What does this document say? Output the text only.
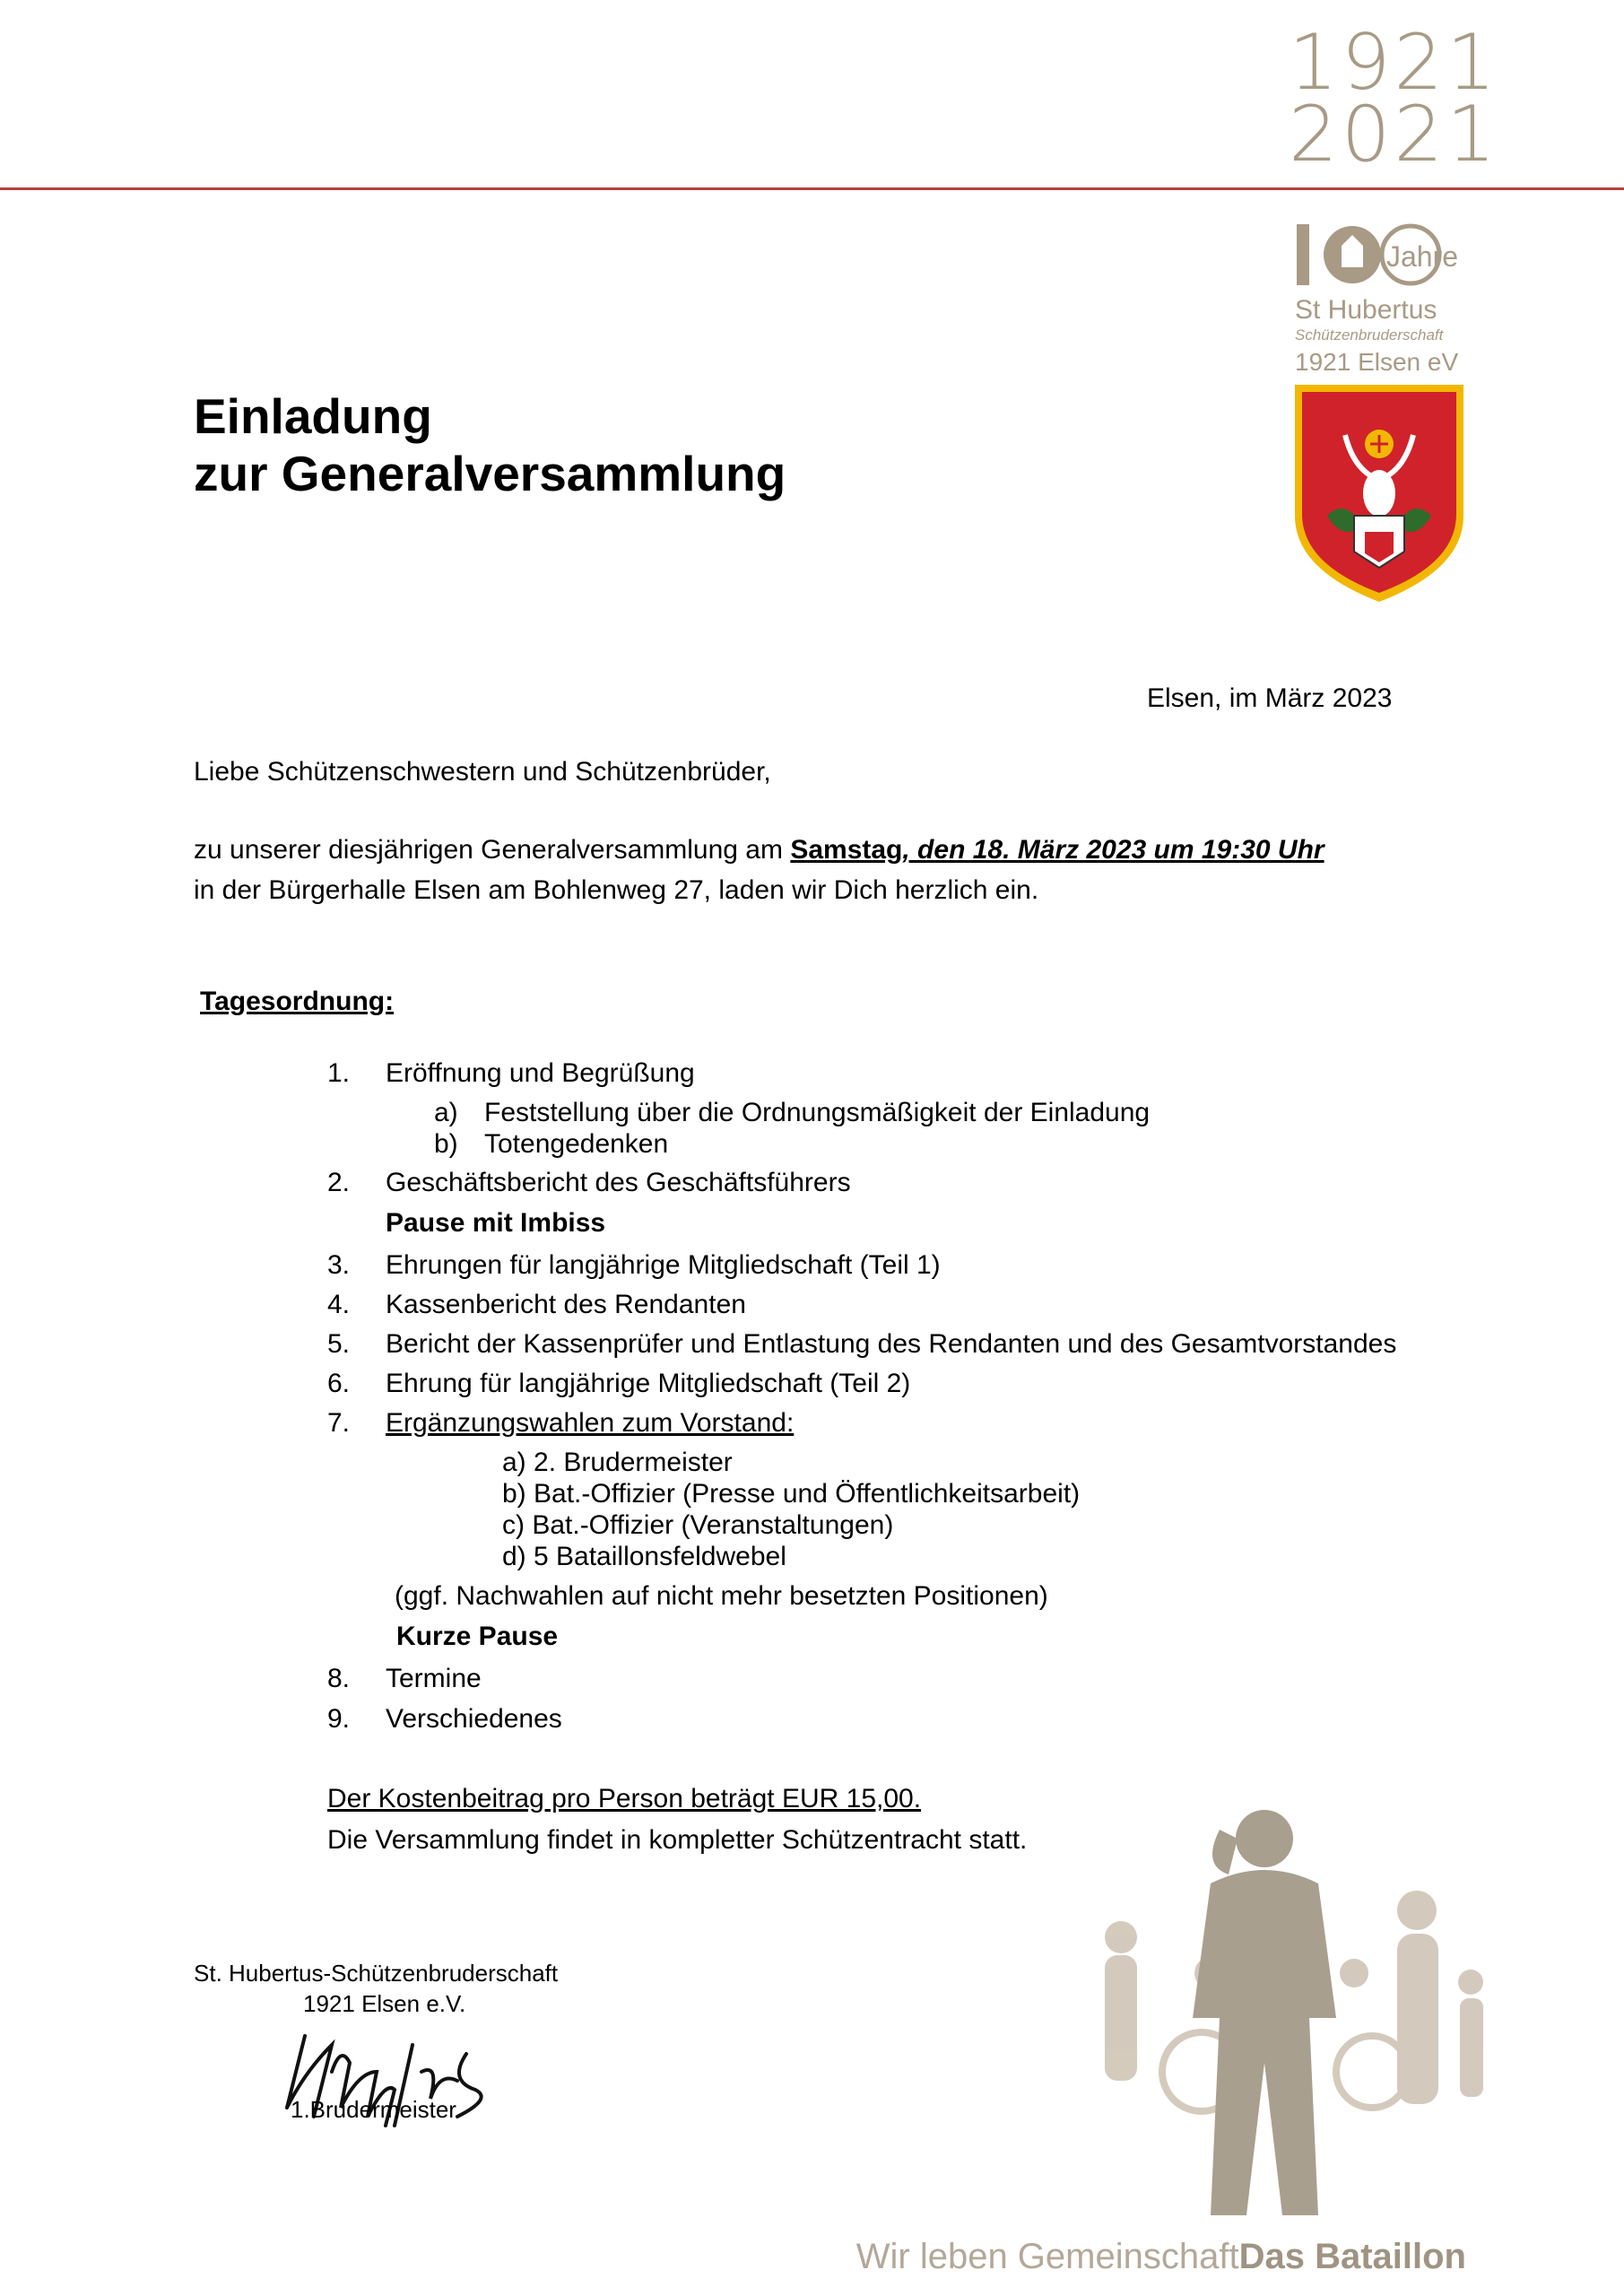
1921
2021
Jahre
St Hubertus
Schützenbruderschaft
1921 Elsen eV
Einladung
zur Generalversammlung
Elsen, im März 2023
Liebe Schützenschwestern und Schützenbrüder,
zu unserer diesjährigen Generalversammlung am Samstag, den 18. März 2023 um 19:30 Uhr
in der Bürgerhalle Elsen am Bohlenweg 27, laden wir Dich herzlich ein.
Tagesordnung:
1. Eröffnung und Begrüßung
a) Feststellung über die Ordnungsmäßigkeit der Einladung
b) Totengedenken
2. Geschäftsbericht des Geschäftsführers
Pause mit Imbiss
3. Ehrungen für langjährige Mitgliedschaft (Teil 1)
4. Kassenbericht des Rendanten
5. Bericht der Kassenprüfer und Entlastung des Rendanten und des Gesamtvorstandes
6. Ehrung für langjährige Mitgliedschaft (Teil 2)
7. Ergänzungswahlen zum Vorstand:
a) 2. Brudermeister
b) Bat.-Offizier (Presse und Öffentlichkeitsarbeit)
c) Bat.-Offizier (Veranstaltungen)
d) 5 Bataillonsfeldwebel
(ggf. Nachwahlen auf nicht mehr besetzten Positionen)
Kurze Pause
8. Termine
9. Verschiedenes
Der Kostenbeitrag pro Person beträgt EUR 15,00.
Die Versammlung findet in kompletter Schützentracht statt.
St. Hubertus-Schützenbruderschaft
1921 Elsen e.V.
1.Brudermeister
Wir leben GemeinschaftDas Bataillon
